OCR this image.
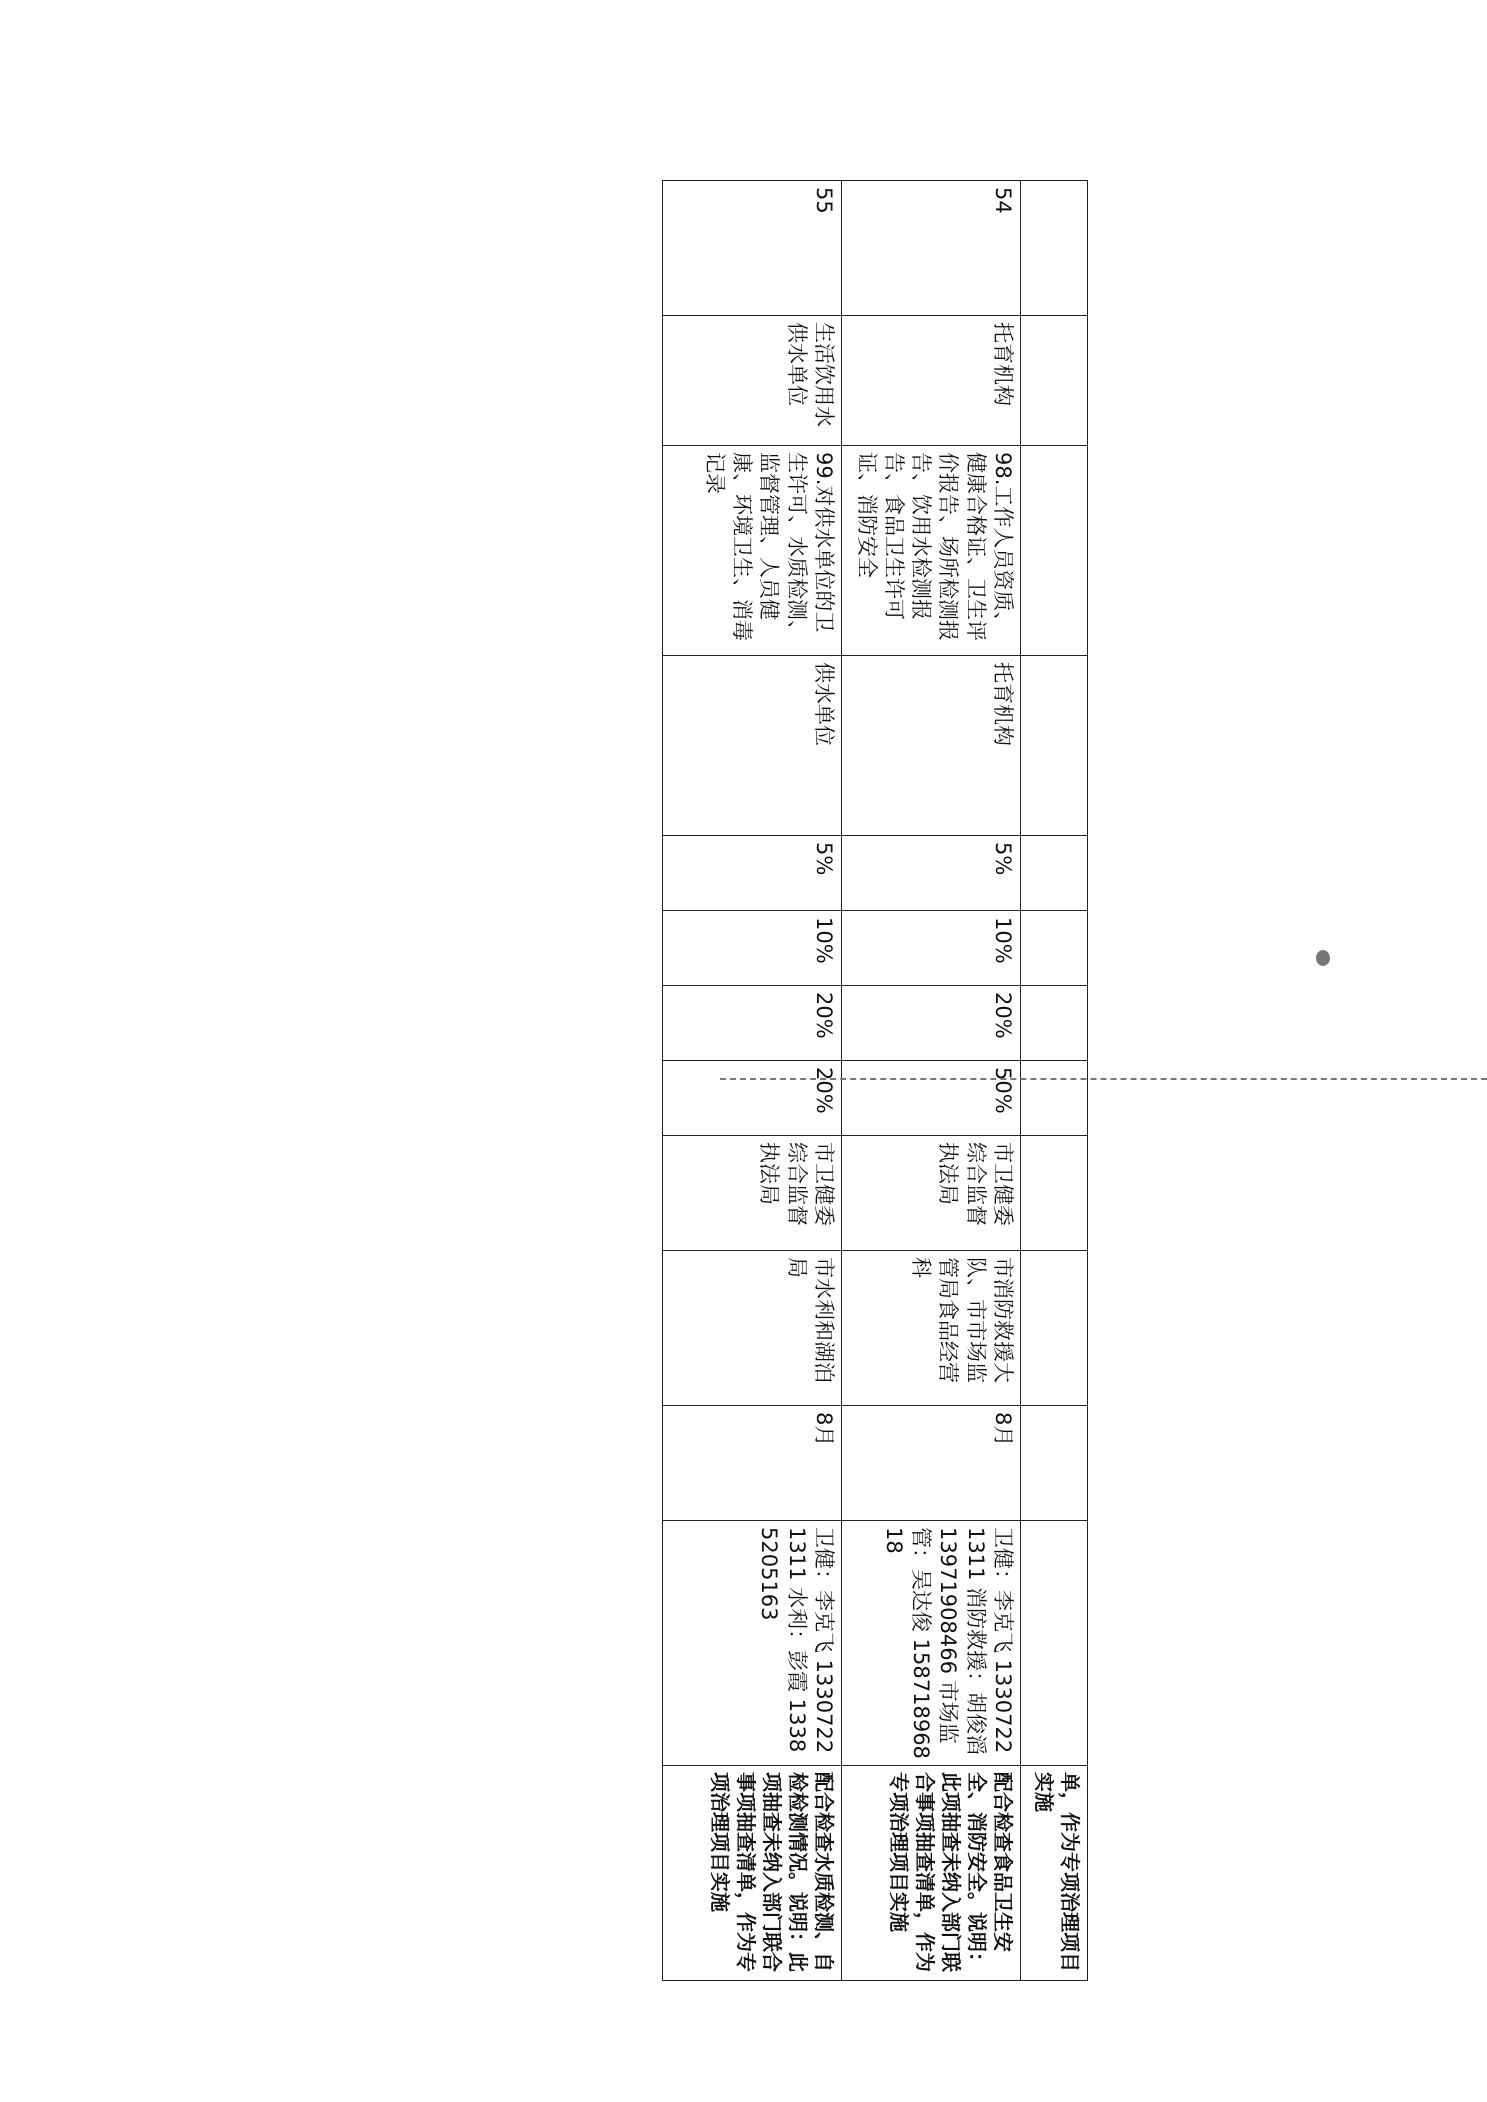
												单，作为专项治理项目实施
54	托育机构	98.工作人员资质、健康合格证、卫生评价报告、场所检测报告、饮用水检测报告、食品卫生许可证、消防安全	托育机构	5%	10%	20%	50%	市卫健委综合监督执法局	市消防救援大队、市市场监管局食品经营科	8月	卫健：李克飞 13307221311 消防救援：胡俊滔 13971908466 市场监管：吴达俊 15871896818	配合检查食品卫生安全、消防安全。说明：此项抽查未纳入部门联合事项抽查清单，作为专项治理项目实施
55	生活饮用水供水单位	99.对供水单位的卫生许可、水质检测、监督管理、人员健康、环境卫生、消毒记录	供水单位	5%	10%	20%	20%	市卫健委综合监督执法局	市水利和湖泊局	8月	卫健：李克飞 13307221311 水利：彭霞 13385205163	配合检查水质检测、自检检测情况。说明：此项抽查未纳入部门联合事项抽查清单，作为专项治理项目实施
